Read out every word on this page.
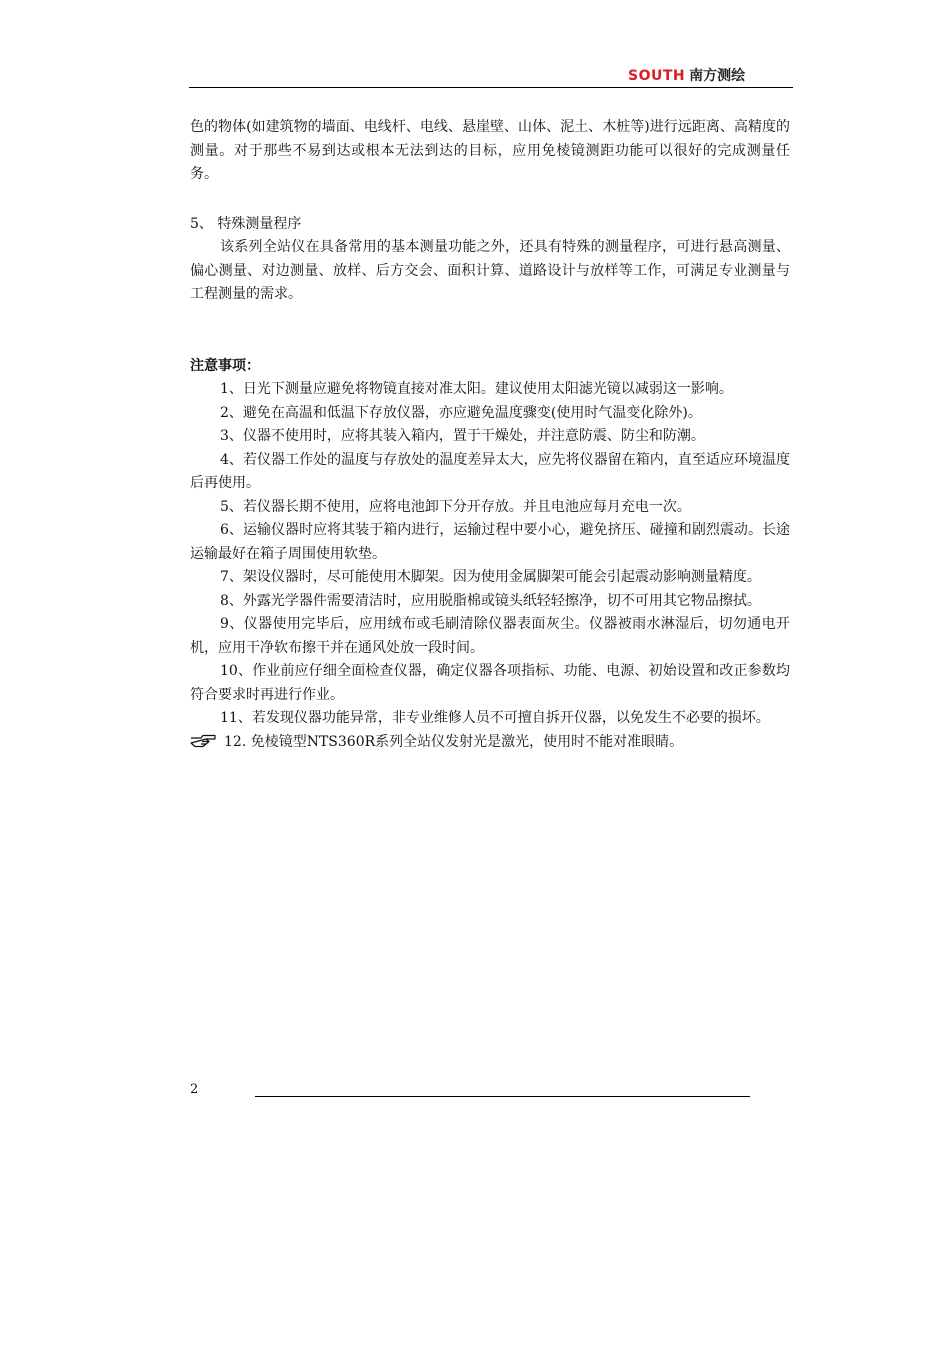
SOUTH 南方测绘

色的物体(如建筑物的墙面、电线杆、电线、悬崖壁、山体、泥土、木桩等)进行远距离、高精度的测量。对于那些不易到达或根本无法到达的目标，应用免棱镜测距功能可以很好的完成测量任务。

5、 特殊测量程序

该系列全站仪在具备常用的基本测量功能之外，还具有特殊的测量程序，可进行悬高测量、偏心测量、对边测量、放样、后方交会、面积计算、道路设计与放样等工作，可满足专业测量与工程测量的需求。

注意事项：

1、日光下测量应避免将物镜直接对准太阳。建议使用太阳滤光镜以减弱这一影响。

2、避免在高温和低温下存放仪器，亦应避免温度骤变(使用时气温变化除外)。

3、仪器不使用时，应将其装入箱内，置于干燥处，并注意防震、防尘和防潮。

4、若仪器工作处的温度与存放处的温度差异太大，应先将仪器留在箱内，直至适应环境温度后再使用。

5、若仪器长期不使用，应将电池卸下分开存放。并且电池应每月充电一次。

6、运输仪器时应将其装于箱内进行，运输过程中要小心，避免挤压、碰撞和剧烈震动。长途运输最好在箱子周围使用软垫。

7、架设仪器时，尽可能使用木脚架。因为使用金属脚架可能会引起震动影响测量精度。

8、外露光学器件需要清洁时，应用脱脂棉或镜头纸轻轻擦净，切不可用其它物品擦拭。

9、仪器使用完毕后，应用绒布或毛刷清除仪器表面灰尘。仪器被雨水淋湿后，切勿通电开机，应用干净软布擦干并在通风处放一段时间。

10、作业前应仔细全面检查仪器，确定仪器各项指标、功能、电源、初始设置和改正参数均符合要求时再进行作业。

11、若发现仪器功能异常，非专业维修人员不可擅自拆开仪器，以免发生不必要的损坏。

12. 免棱镜型NTS360R系列全站仪发射光是激光，使用时不能对准眼睛。

2
